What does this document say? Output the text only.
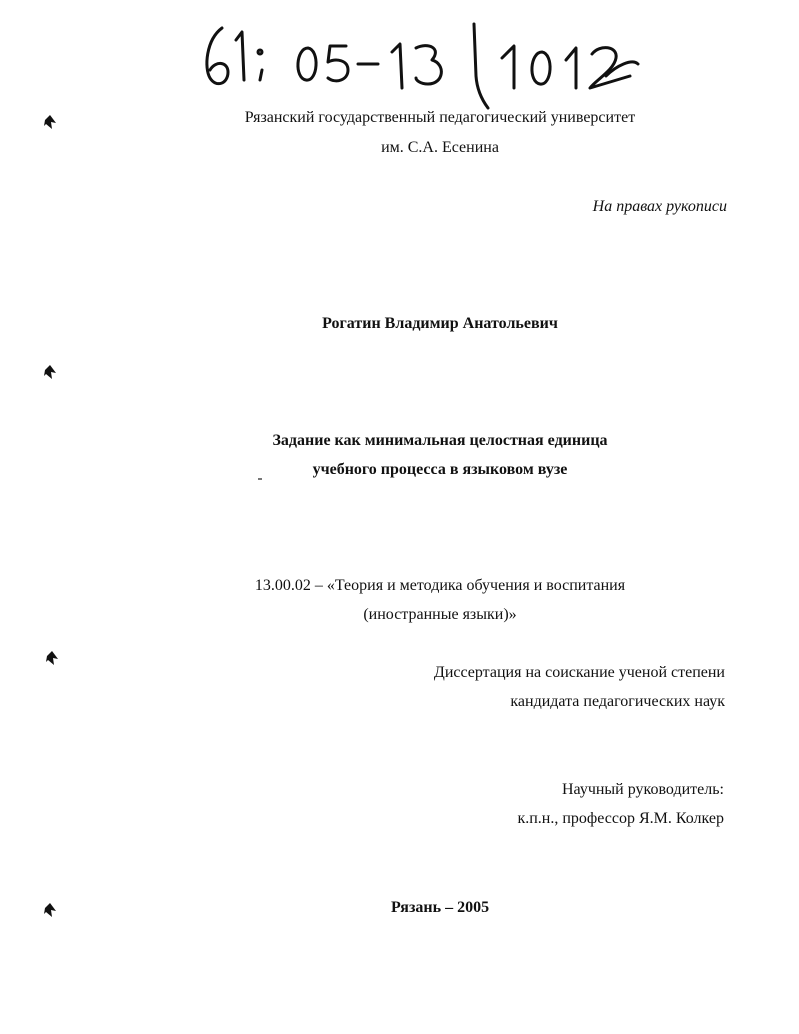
Рязанский государственный педагогический университет
им. С.А. Есенина
На правах рукописи
Рогатин Владимир Анатольевич
Задание как минимальная целостная единица
учебного процесса в языковом вузе
13.00.02 – «Теория и методика обучения и воспитания
(иностранные языки)»
Диссертация на соискание ученой степени
кандидата педагогических наук
Научный руководитель:
к.п.н., профессор Я.М. Колкер
Рязань – 2005
